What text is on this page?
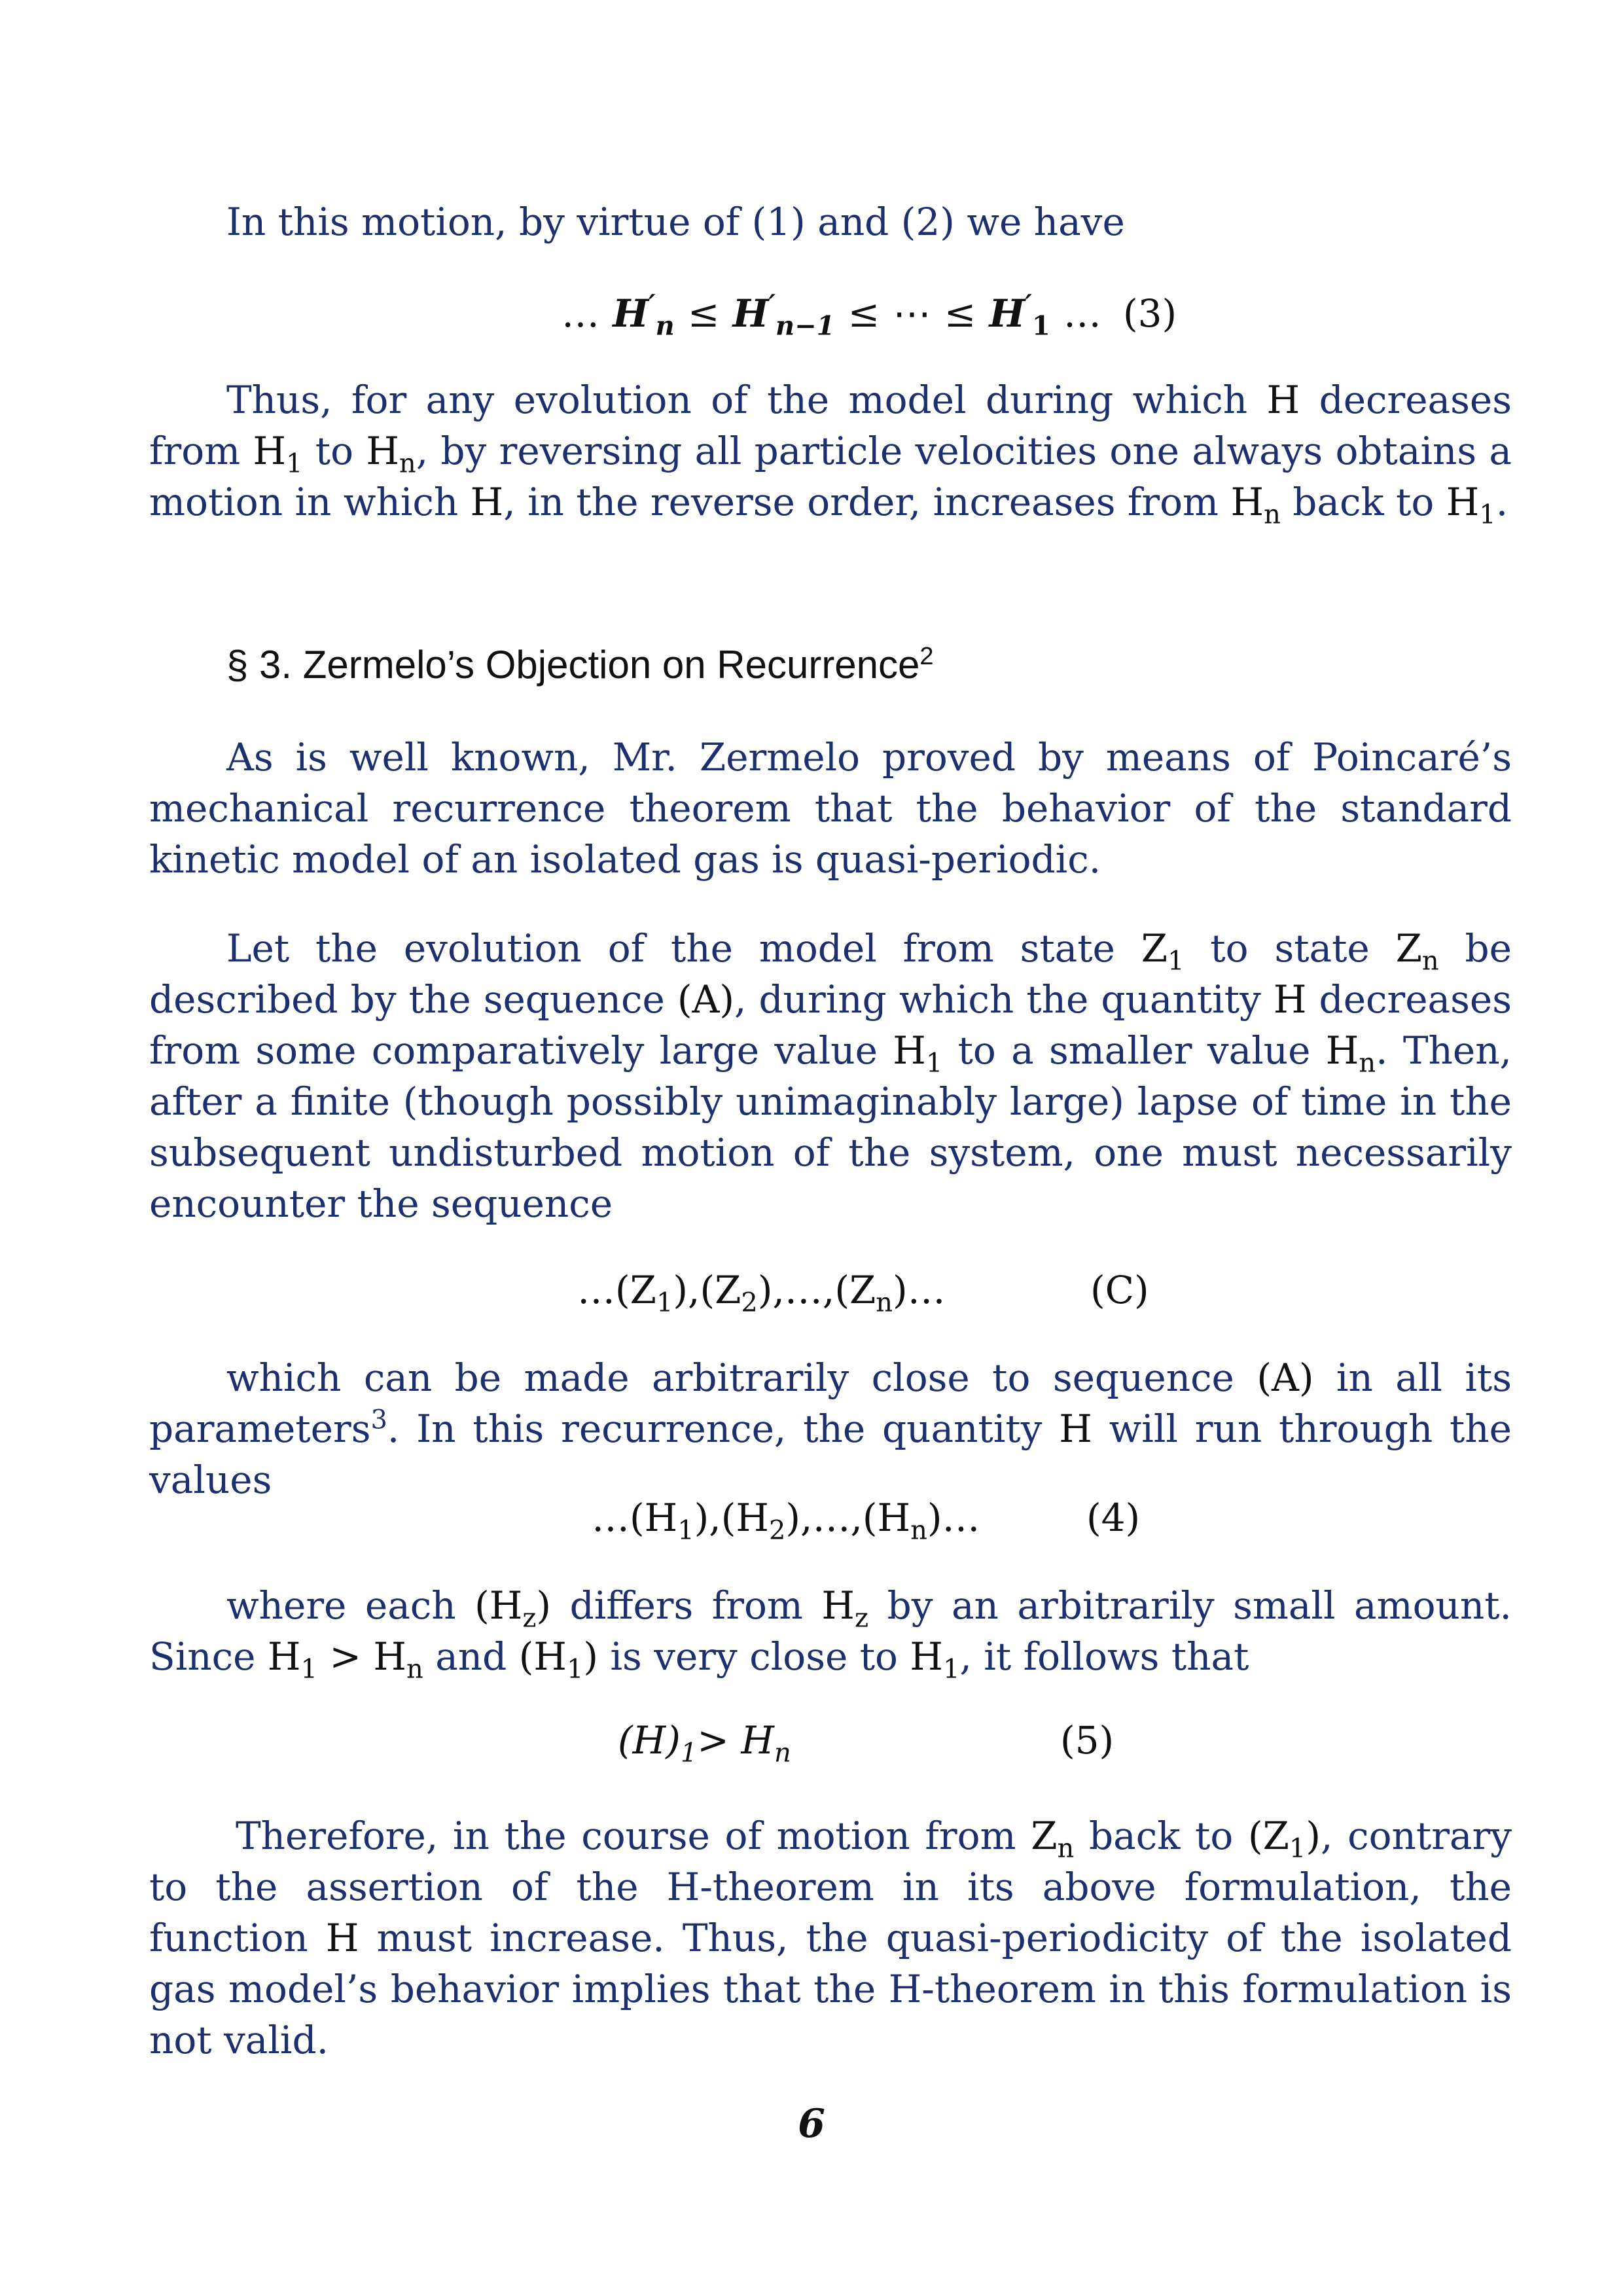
In this motion, by virtue of (1) and (2) we have

… $H'_n \le H'_{n-1}$ ≤ ⋯ ≤ $H'_1$ … (3)

Thus, for any evolution of the model during which H decreases from $H_1$ to $H_n$, by reversing all particle velocities one always obtains a motion in which H, in the reverse order, increases from $H_n$ back to $H_1$.

§ 3. Zermelo’s Objection on Recurrence$^2$

As is well known, Mr. Zermelo proved by means of Poincaré’s mechanical recurrence theorem that the behavior of the standard kinetic model of an isolated gas is quasi-periodic.

Let the evolution of the model from state $Z_1$ to state $Z_n$ be described by the sequence (A), during which the quantity H decreases from some comparatively large value $H_1$ to a smaller value $H_n$. Then, after a finite (though possibly unimaginably large) lapse of time in the subsequent undisturbed motion of the system, one must necessarily encounter the sequence

$\dots(Z_1),(Z_2),\dots,(Z_n)\dots$	(C)

which can be made arbitrarily close to sequence (A) in all its parameters$^3$. In this recurrence, the quantity H will run through the values

$\dots(H_1),(H_2),\dots,(H_n)\dots$	(4)

where each $(H_z)$ differs from $H_z$ by an arbitrarily small amount. Since $H_1 > H_n$ and $(H_1)$ is very close to $H_1$, it follows that

$(H)_1> H_n$	(5)

Therefore, in the course of motion from $Z_n$ back to $(Z_1)$, contrary to the assertion of the H-theorem in its above formulation, the function H must increase. Thus, the quasi-periodicity of the isolated gas model’s behavior implies that the H-theorem in this formulation is not valid.

6
